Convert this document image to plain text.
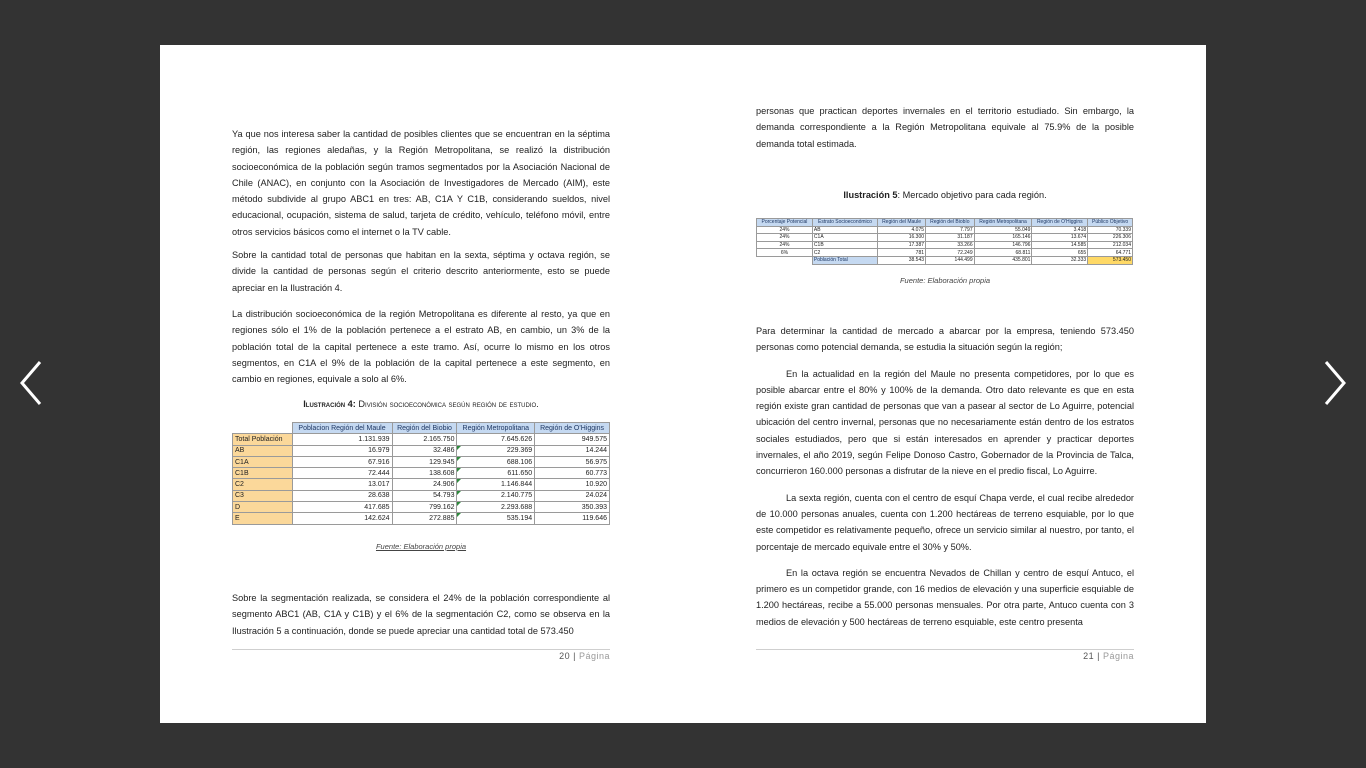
Ya que nos interesa saber la cantidad de posibles clientes que se encuentran en la séptima región, las regiones aledañas, y la Región Metropolitana, se realizó la distribución socioeconómica de la población según tramos segmentados por la Asociación Nacional de Chile (ANAC), en conjunto con la Asociación de Investigadores de Mercado (AIM), este método subdivide al grupo ABC1 en tres: AB, C1A Y C1B, considerando sueldos, nivel educacional, ocupación, sistema de salud, tarjeta de crédito, vehículo, teléfono móvil, entre otros servicios básicos como el internet o la TV cable.

Sobre la cantidad total de personas que habitan en la sexta, séptima y octava región, se divide la cantidad de personas según el criterio descrito anteriormente, esto se puede apreciar en la Ilustración 4.

La distribución socioeconómica de la región Metropolitana es diferente al resto, ya que en regiones sólo el 1% de la población pertenece a el estrato AB, en cambio, un 3% de la población total de la capital pertenece a este tramo. Así, ocurre lo mismo en los otros segmentos, en C1A el 9% de la población de la capital pertenece a este segmento, en cambio en regiones, equivale a solo al 6%.

Ilustración 4: División socioeconómica según región de estudio.
	Poblacion Región del Maule	Región del Biobio	Región Metropolitana	Región de O'Higgins
Total Población	1.131.939	2.165.750	7.645.626	949.575
AB	16.979	32.486	229.369	14.244
C1A	67.916	129.945	688.106	56.975
C1B	72.444	138.608	611.650	60.773
C2	13.017	24.906	1.146.844	10.920
C3	28.638	54.793	2.140.775	24.024
D	417.685	799.162	2.293.688	350.393
E	142.624	272.885	535.194	119.646
Fuente: Elaboración propia

Sobre la segmentación realizada, se considera el 24% de la población correspondiente al segmento ABC1 (AB, C1A y C1B) y el 6% de la segmentación C2, como se observa en la Ilustración 5 a continuación, donde se puede apreciar una cantidad total de 573.450

20 | Página

personas que practican deportes invernales en el territorio estudiado. Sin embargo, la demanda correspondiente a la Región Metropolitana equivale al 75.9% de la posible demanda total estimada.

Ilustración 5: Mercado objetivo para cada región.
Porcentaje Potencial	Estrato Socioeconómico	Región del Maule	Región del Biobío	Región Metropolitana	Región de O'Higgins	Público Objetivo
24%	AB	4.075	7.797	55.049	3.418	70.339
24%	C1A	16.300	31.187	165.146	13.674	226.306
24%	C1B	17.387	33.266	146.796	14.585	212.034
6%	C2	781	72.249	68.811	655	64.771
	Población Total	38.543	144.499	435.801	32.333	573.450
Fuente: Elaboración propia

Para determinar la cantidad de mercado a abarcar por la empresa, teniendo 573.450 personas como potencial demanda, se estudia la situación según la región;

En la actualidad en la región del Maule no presenta competidores, por lo que es posible abarcar entre el 80% y 100% de la demanda. Otro dato relevante es que en esta región existe gran cantidad de personas que van a pasear al sector de Lo Aguirre, potencial ubicación del centro invernal, personas que no necesariamente están dentro de los estratos sociales estudiados, pero que si están interesados en aprender y practicar deportes invernales, el año 2019, según Felipe Donoso Castro, Gobernador de la Provincia de Talca, concurrieron 160.000 personas a disfrutar de la nieve en el predio fiscal, Lo Aguirre.

La sexta región, cuenta con el centro de esquí Chapa verde, el cual recibe alrededor de 10.000 personas anuales, cuenta con 1.200 hectáreas de terreno esquiable, por lo que este competidor es relativamente pequeño, ofrece un servicio similar al nuestro, por tanto, el porcentaje de mercado equivale entre el 30% y 50%.

En la octava región se encuentra Nevados de Chillan y centro de esquí Antuco, el primero es un competidor grande, con 16 medios de elevación y una superficie esquiable de 1.200 hectáreas, recibe a 55.000 personas mensuales. Por otra parte, Antuco cuenta con 3 medios de elevación y 500 hectáreas de terreno esquiable, este centro presenta

21 | Página
